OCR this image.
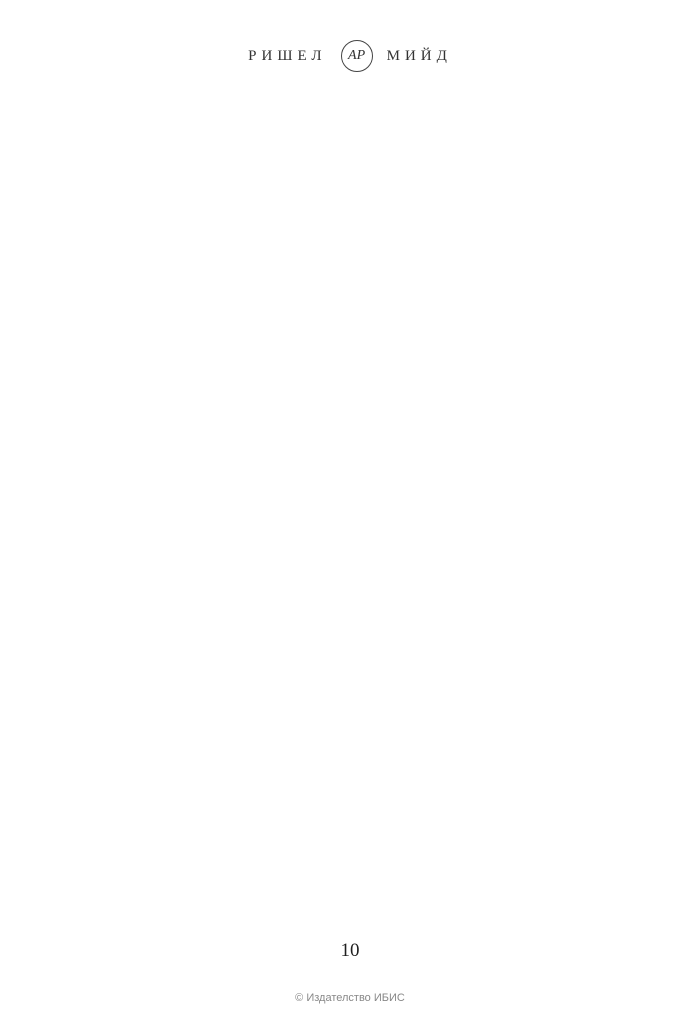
РИШЕЛ	АР	МИЙД

10
© Издателство ИБИС
